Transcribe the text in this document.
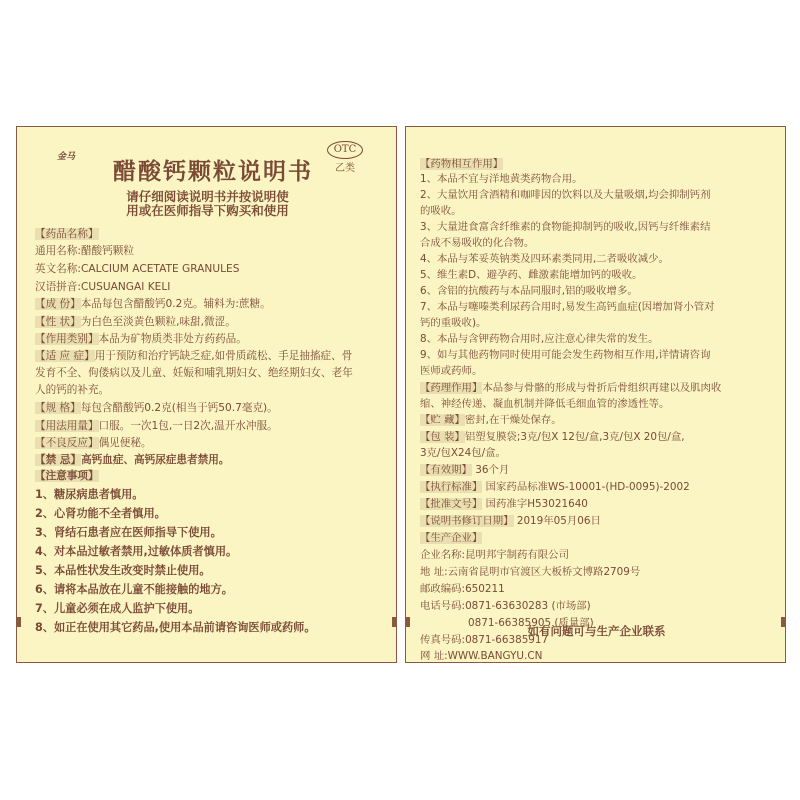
金马
醋酸钙颗粒说明书
OTC
乙类
请仔细阅读说明书并按说明使
用或在医师指导下购买和使用
【药品名称】
通用名称:醋酸钙颗粒
英文名称:CALCIUM ACETATE GRANULES
汉语拼音:CUSUANGAI KELI
【成 份】本品每包含醋酸钙0.2克。辅料为:蔗糖。
【性 状】为白色至淡黄色颗粒,味甜,微涩。
【作用类别】本品为矿物质类非处方药药品。
【适 应 症】用于预防和治疗钙缺乏症,如骨质疏松、手足抽搐症、骨
发育不全、佝偻病以及儿童、妊娠和哺乳期妇女、绝经期妇女、老年
人的钙的补充。
【规 格】每包含醋酸钙0.2克(相当于钙50.7毫克)。
【用法用量】口服。一次1包,一日2次,温开水冲服。
【不良反应】偶见便秘。
【禁 忌】高钙血症、高钙尿症患者禁用。
【注意事项】
1、糖尿病患者慎用。
2、心肾功能不全者慎用。
3、肾结石患者应在医师指导下使用。
4、对本品过敏者禁用,过敏体质者慎用。
5、本品性状发生改变时禁止使用。
6、请将本品放在儿童不能接触的地方。
7、儿童必须在成人监护下使用。
8、如正在使用其它药品,使用本品前请咨询医师或药师。
【药物相互作用】
1、本品不宜与洋地黄类药物合用。
2、大量饮用含酒精和咖啡因的饮料以及大量吸烟,均会抑制钙剂
的吸收。
3、大量进食富含纤维素的食物能抑制钙的吸收,因钙与纤维素结
合成不易吸收的化合物。
4、本品与苯妥英钠类及四环素类同用,二者吸收减少。
5、维生素D、避孕药、雌激素能增加钙的吸收。
6、含铝的抗酸药与本品同服时,铝的吸收增多。
7、本品与噻嗪类利尿药合用时,易发生高钙血症(因增加肾小管对
钙的重吸收)。
8、本品与含钾药物合用时,应注意心律失常的发生。
9、如与其他药物同时使用可能会发生药物相互作用,详情请咨询
医师或药师。
【药理作用】本品参与骨骼的形成与骨折后骨组织再建以及肌肉收
缩、神经传递、凝血机制并降低毛细血管的渗透性等。
【贮 藏】密封,在干燥处保存。
【包 装】铝塑复膜袋;3克/包X 12包/盒,3克/包X 20包/盒,
3克/包X24包/盒。
【有效期】 36个月
【执行标准】 国家药品标准WS-10001-(HD-0095)-2002
【批准文号】 国药准字H53021640
【说明书修订日期】 2019年05月06日
【生产企业】
企业名称:昆明邦宇制药有限公司
地 址:云南省昆明市官渡区大板桥文博路2709号
邮政编码:650211
电话号码:0871-63630283 (市场部)
0871-66385905 (质量部)
传真号码:0871-66385917
网 址:WWW.BANGYU.CN
如有问题可与生产企业联系
